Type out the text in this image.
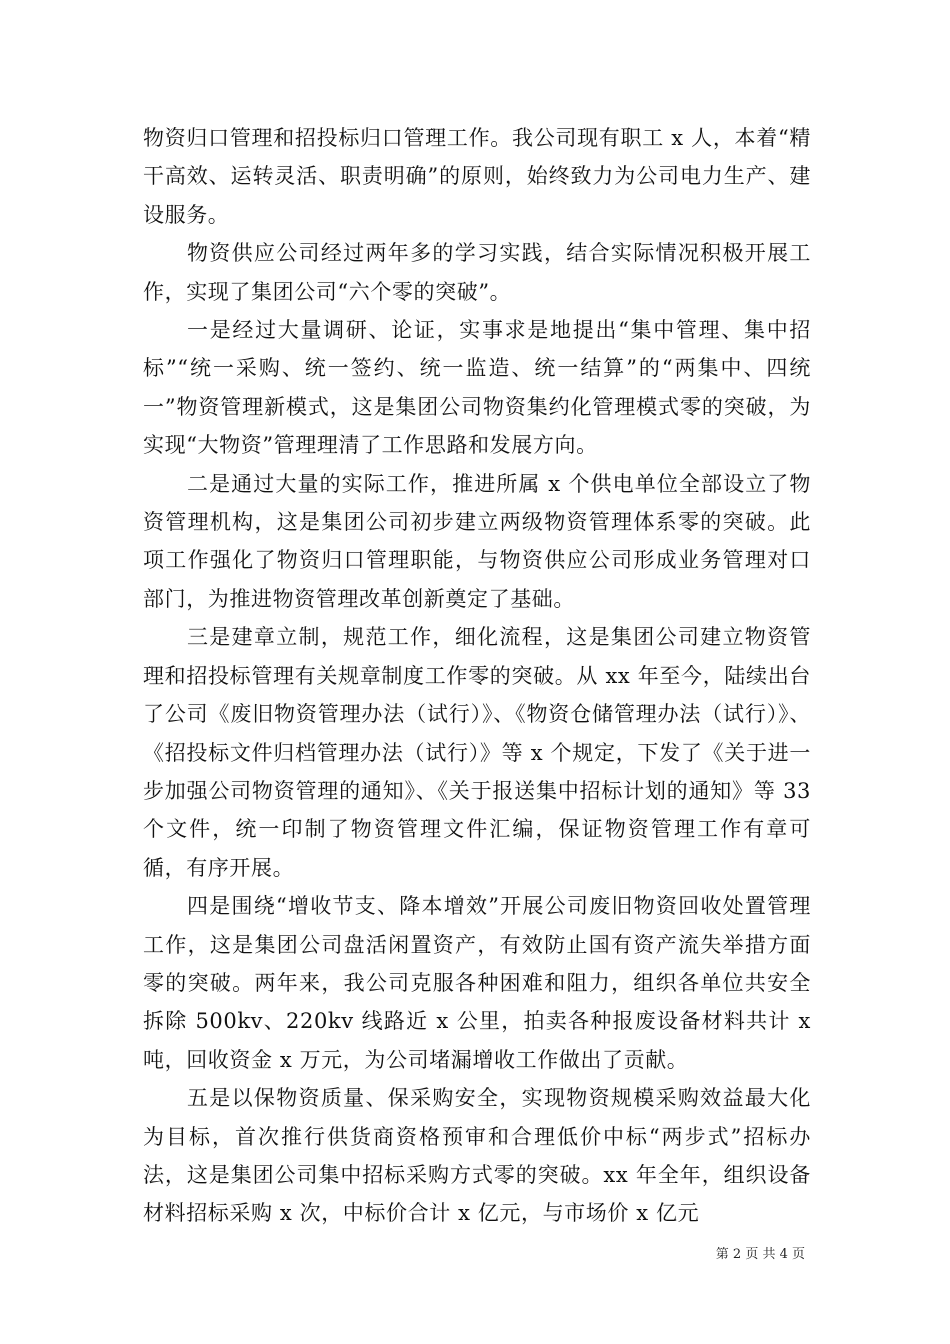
物资归口管理和招投标归口管理工作。我公司现有职工 x 人，本着“精干高效、运转灵活、职责明确”的原则，始终致力为公司电力生产、建设服务。

物资供应公司经过两年多的学习实践，结合实际情况积极开展工作，实现了集团公司“六个零的突破”。

一是经过大量调研、论证，实事求是地提出“集中管理、集中招标”“统一采购、统一签约、统一监造、统一结算”的“两集中、四统一”物资管理新模式，这是集团公司物资集约化管理模式零的突破，为实现“大物资”管理理清了工作思路和发展方向。

二是通过大量的实际工作，推进所属 x 个供电单位全部设立了物资管理机构，这是集团公司初步建立两级物资管理体系零的突破。此项工作强化了物资归口管理职能，与物资供应公司形成业务管理对口部门，为推进物资管理改革创新奠定了基础。

三是建章立制，规范工作，细化流程，这是集团公司建立物资管理和招投标管理有关规章制度工作零的突破。从 xx 年至今，陆续出台了公司《废旧物资管理办法（试行）》、《物资仓储管理办法（试行）》、《招投标文件归档管理办法（试行）》等 x 个规定，下发了《关于进一步加强公司物资管理的通知》、《关于报送集中招标计划的通知》等 33 个文件，统一印制了物资管理文件汇编，保证物资管理工作有章可循，有序开展。

四是围绕“增收节支、降本增效”开展公司废旧物资回收处置管理工作，这是集团公司盘活闲置资产，有效防止国有资产流失举措方面零的突破。两年来，我公司克服各种困难和阻力，组织各单位共安全拆除 500kv、220kv 线路近 x 公里，拍卖各种报废设备材料共计 x 吨，回收资金 x 万元，为公司堵漏增收工作做出了贡献。

五是以保物资质量、保采购安全，实现物资规模采购效益最大化为目标，首次推行供货商资格预审和合理低价中标“两步式”招标办法，这是集团公司集中招标采购方式零的突破。xx 年全年，组织设备材料招标采购 x 次，中标价合计 x 亿元，与市场价 x 亿元

第 2 页 共 4 页
